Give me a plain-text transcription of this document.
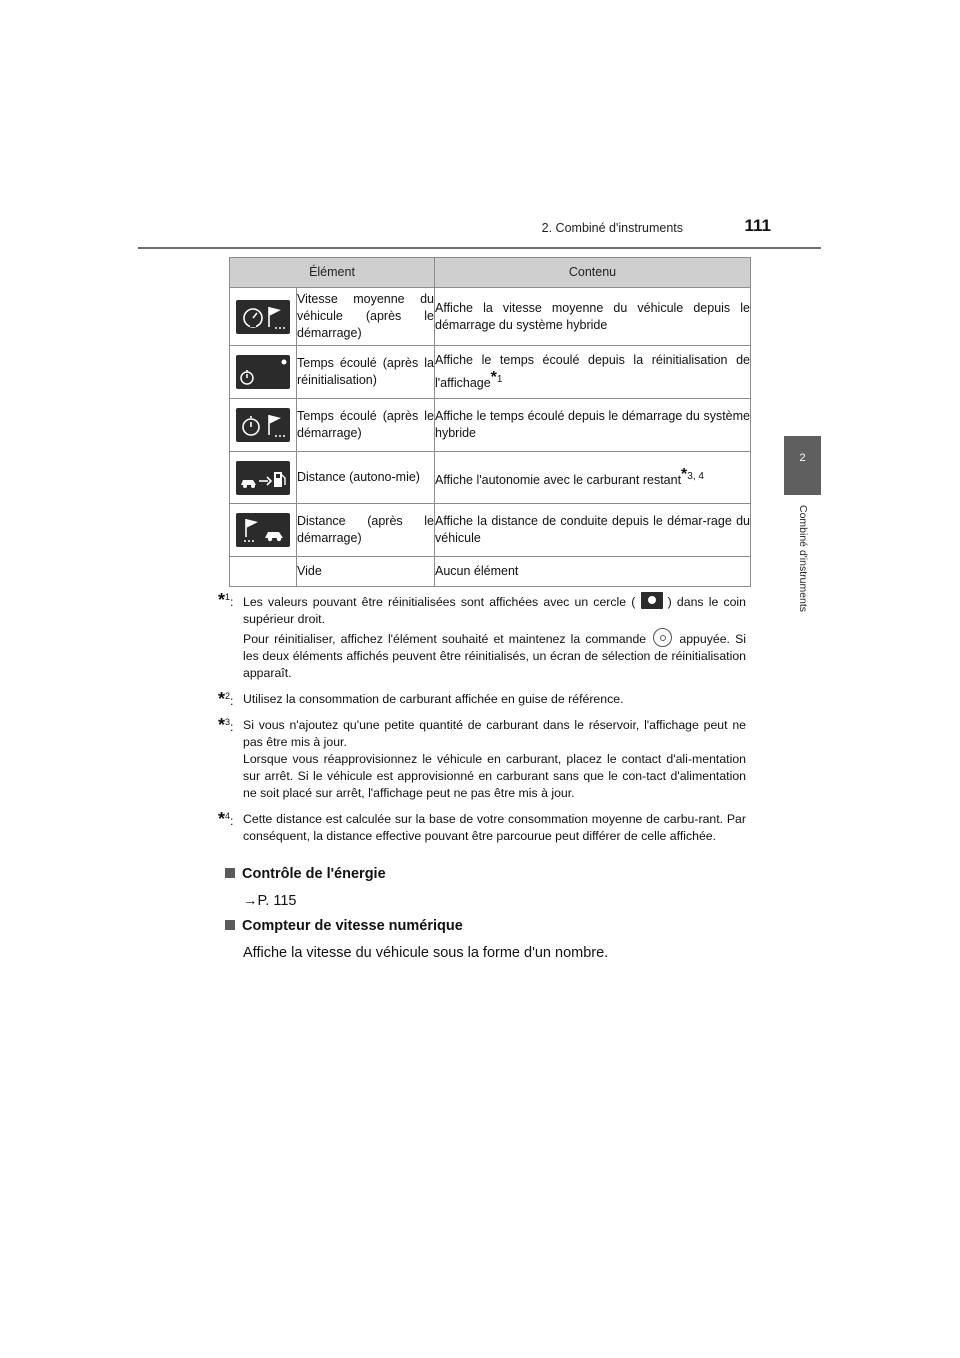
2. Combiné d'instruments	111
2
Combiné d'instruments
Élément		Contenu

	Vitesse moyenne du véhicule (après le démarrage)	Affiche la vitesse moyenne du véhicule depuis le démarrage du système hybride

	Temps écoulé (après la réinitialisation)	Affiche le temps écoulé depuis la réinitialisation de l'affichage$^{*1}$

	Temps écoulé (après le démarrage)	Affiche le temps écoulé depuis le démarrage du système hybride

	Distance (autono-mie)	Affiche l'autonomie avec le carburant restant$^{*3, 4}$

	Distance (après le démarrage)	Affiche la distance de conduite depuis le démar-rage du véhicule
	Vide	Aucun élément
*$^1$: Les valeurs pouvant être réinitialisées sont affichées avec un cercle (	) dans le coin supérieur droit.
Pour réinitialiser, affichez l'élément souhaité et maintenez la commande	appuyée. Si les deux éléments affichés peuvent être réinitialisés, un écran de sélection de réinitialisation apparaît.
*$^2$: Utilisez la consommation de carburant affichée en guise de référence.
*$^3$: Si vous n'ajoutez qu'une petite quantité de carburant dans le réservoir, l'affichage peut ne pas être mis à jour.
Lorsque vous réapprovisionnez le véhicule en carburant, placez le contact d'ali-mentation sur arrêt. Si le véhicule est approvisionné en carburant sans que le con-tact d'alimentation ne soit placé sur arrêt, l'affichage peut ne pas être mis à jour.
*$^4$: Cette distance est calculée sur la base de votre consommation moyenne de carbu-rant. Par conséquent, la distance effective pouvant être parcourue peut différer de celle affichée.
Contrôle de l'énergie
→P. 115
Compteur de vitesse numérique
Affiche la vitesse du véhicule sous la forme d'un nombre.
